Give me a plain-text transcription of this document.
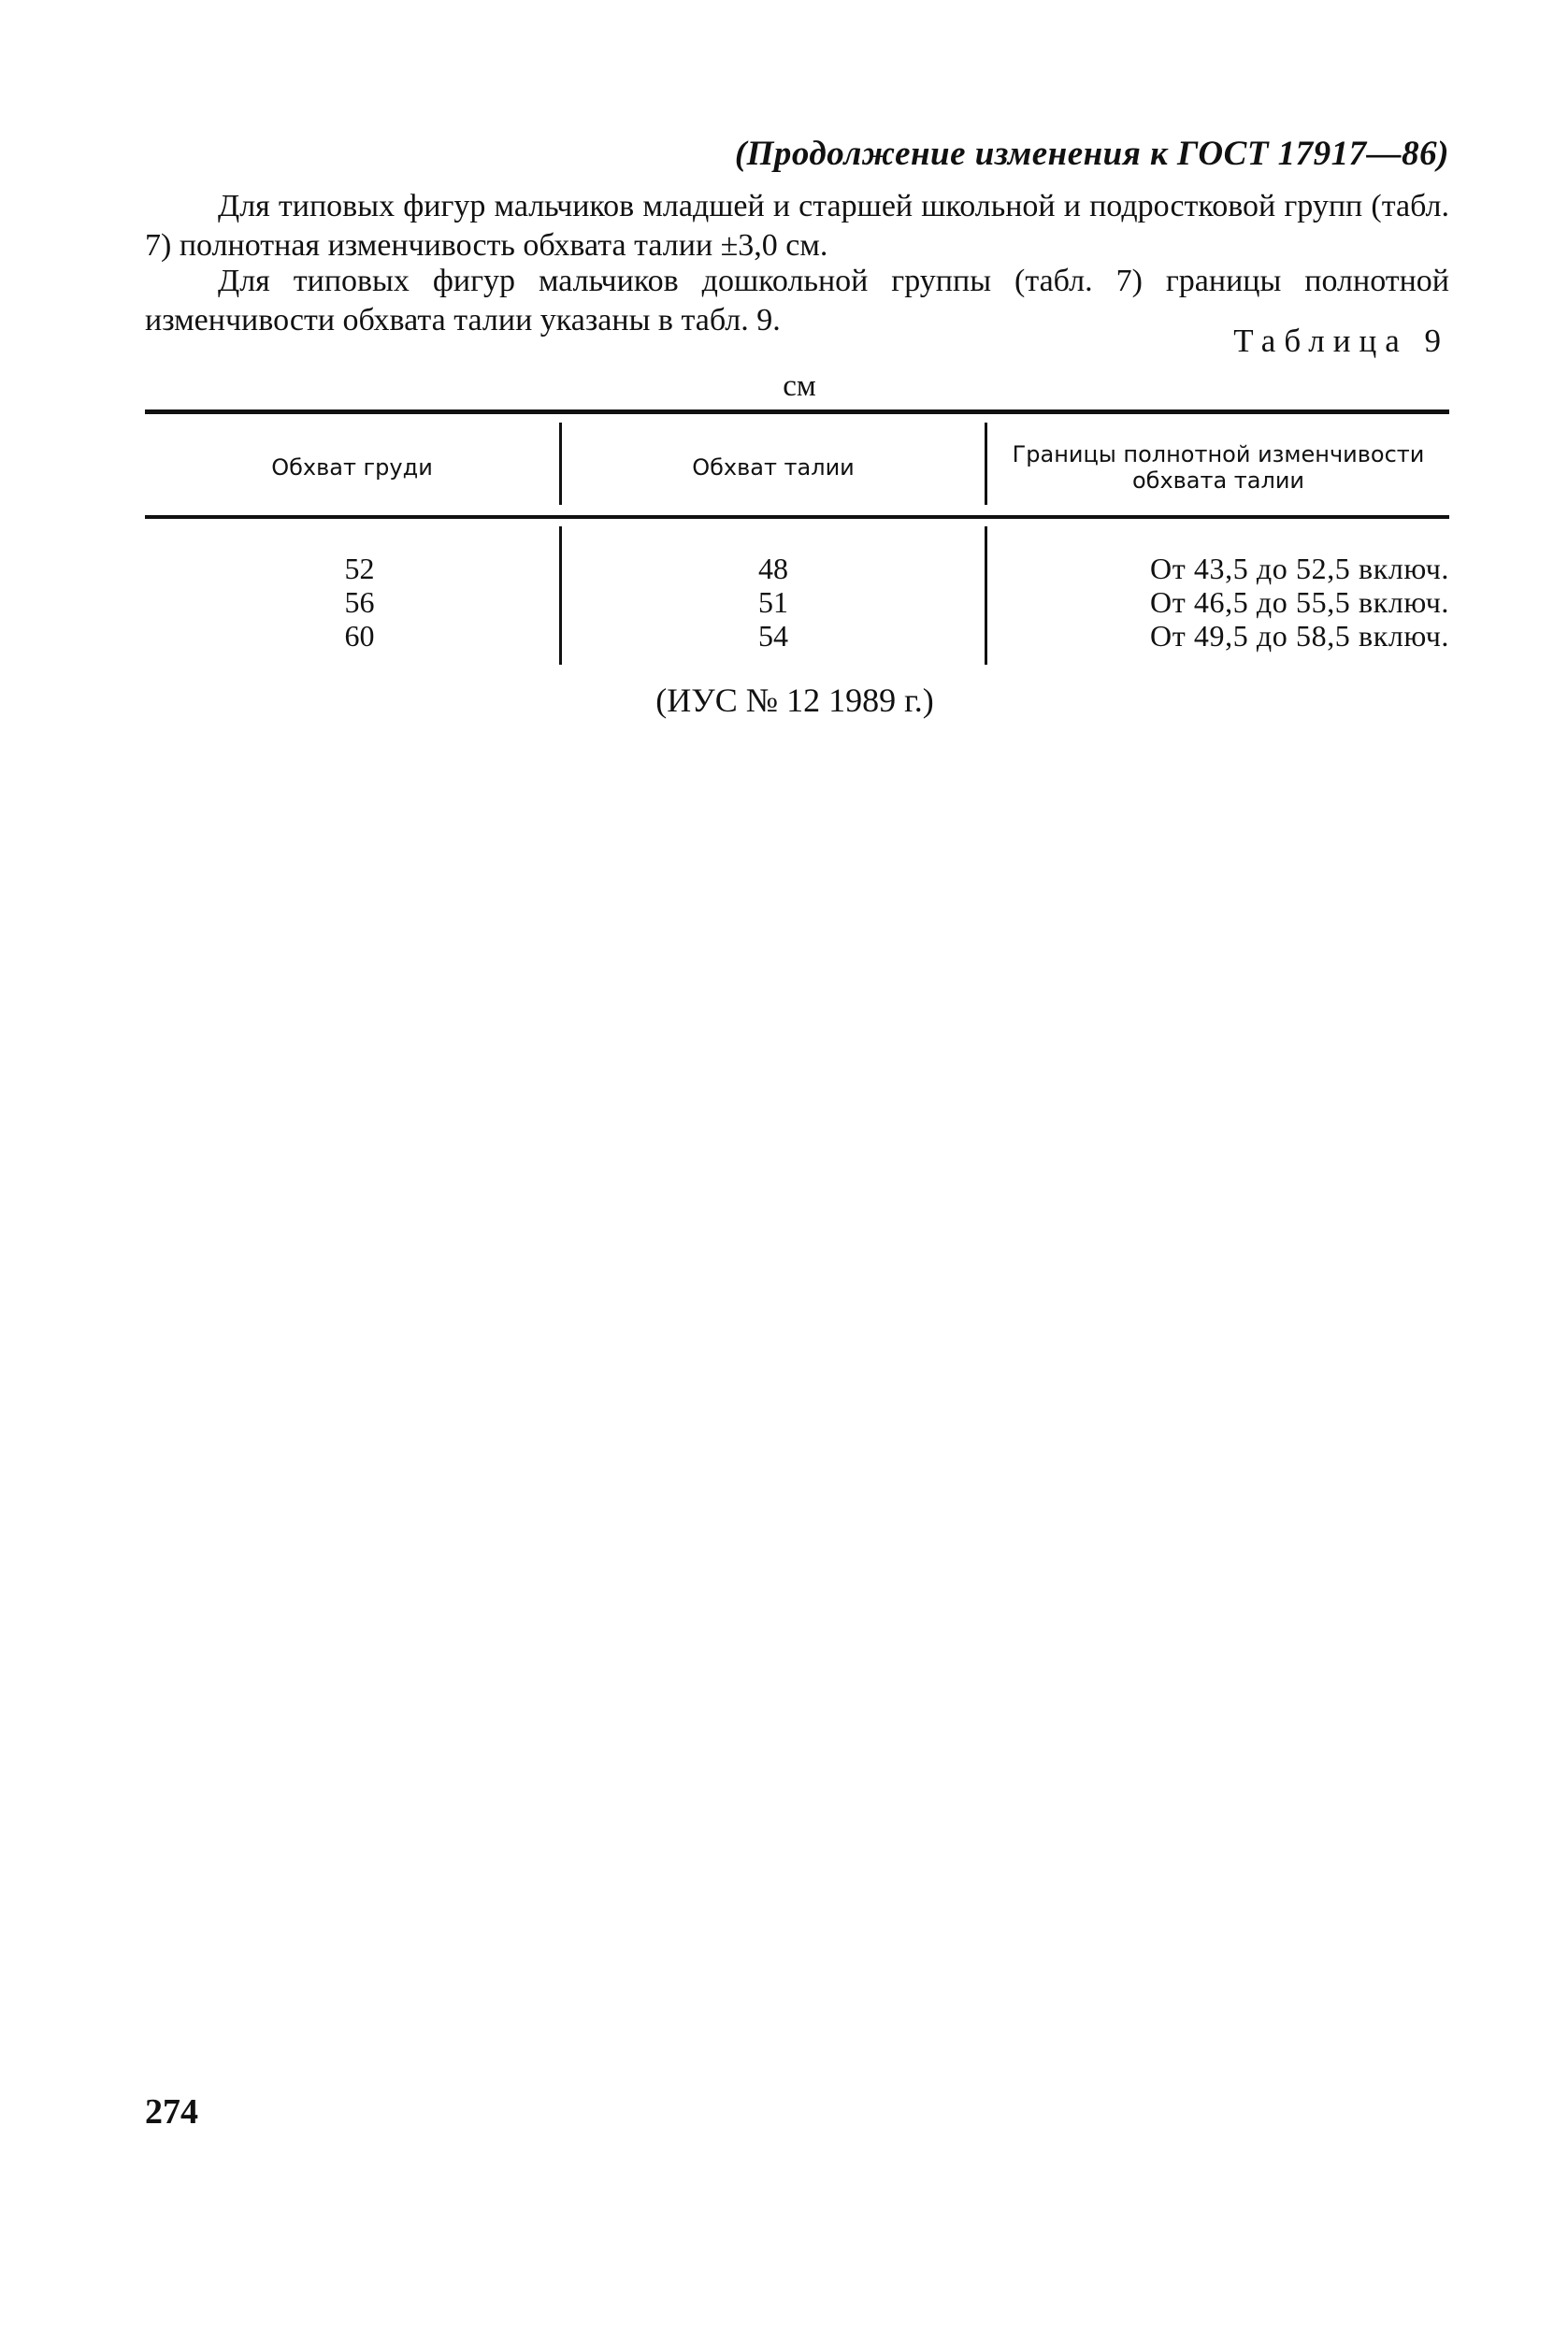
(Продолжение изменения к ГОСТ 17917—86)

Для типовых фигур мальчиков младшей и старшей школьной и подростковой групп (табл. 7) полнотная изменчивость обхвата талии ±3,0 см.

Для типовых фигур мальчиков дошкольной группы (табл. 7) границы полнотной изменчивости обхвата талии указаны в табл. 9.

Таблица 9
см
Обхват груди	Обхват талии	Границы полнотной изменчивости обхвата талии
52
56
60
48
51
54
От 43,5 до 52,5 включ.
От 46,5 до 55,5 включ.
От 49,5 до 58,5 включ.
(ИУС № 12 1989 г.)
274
